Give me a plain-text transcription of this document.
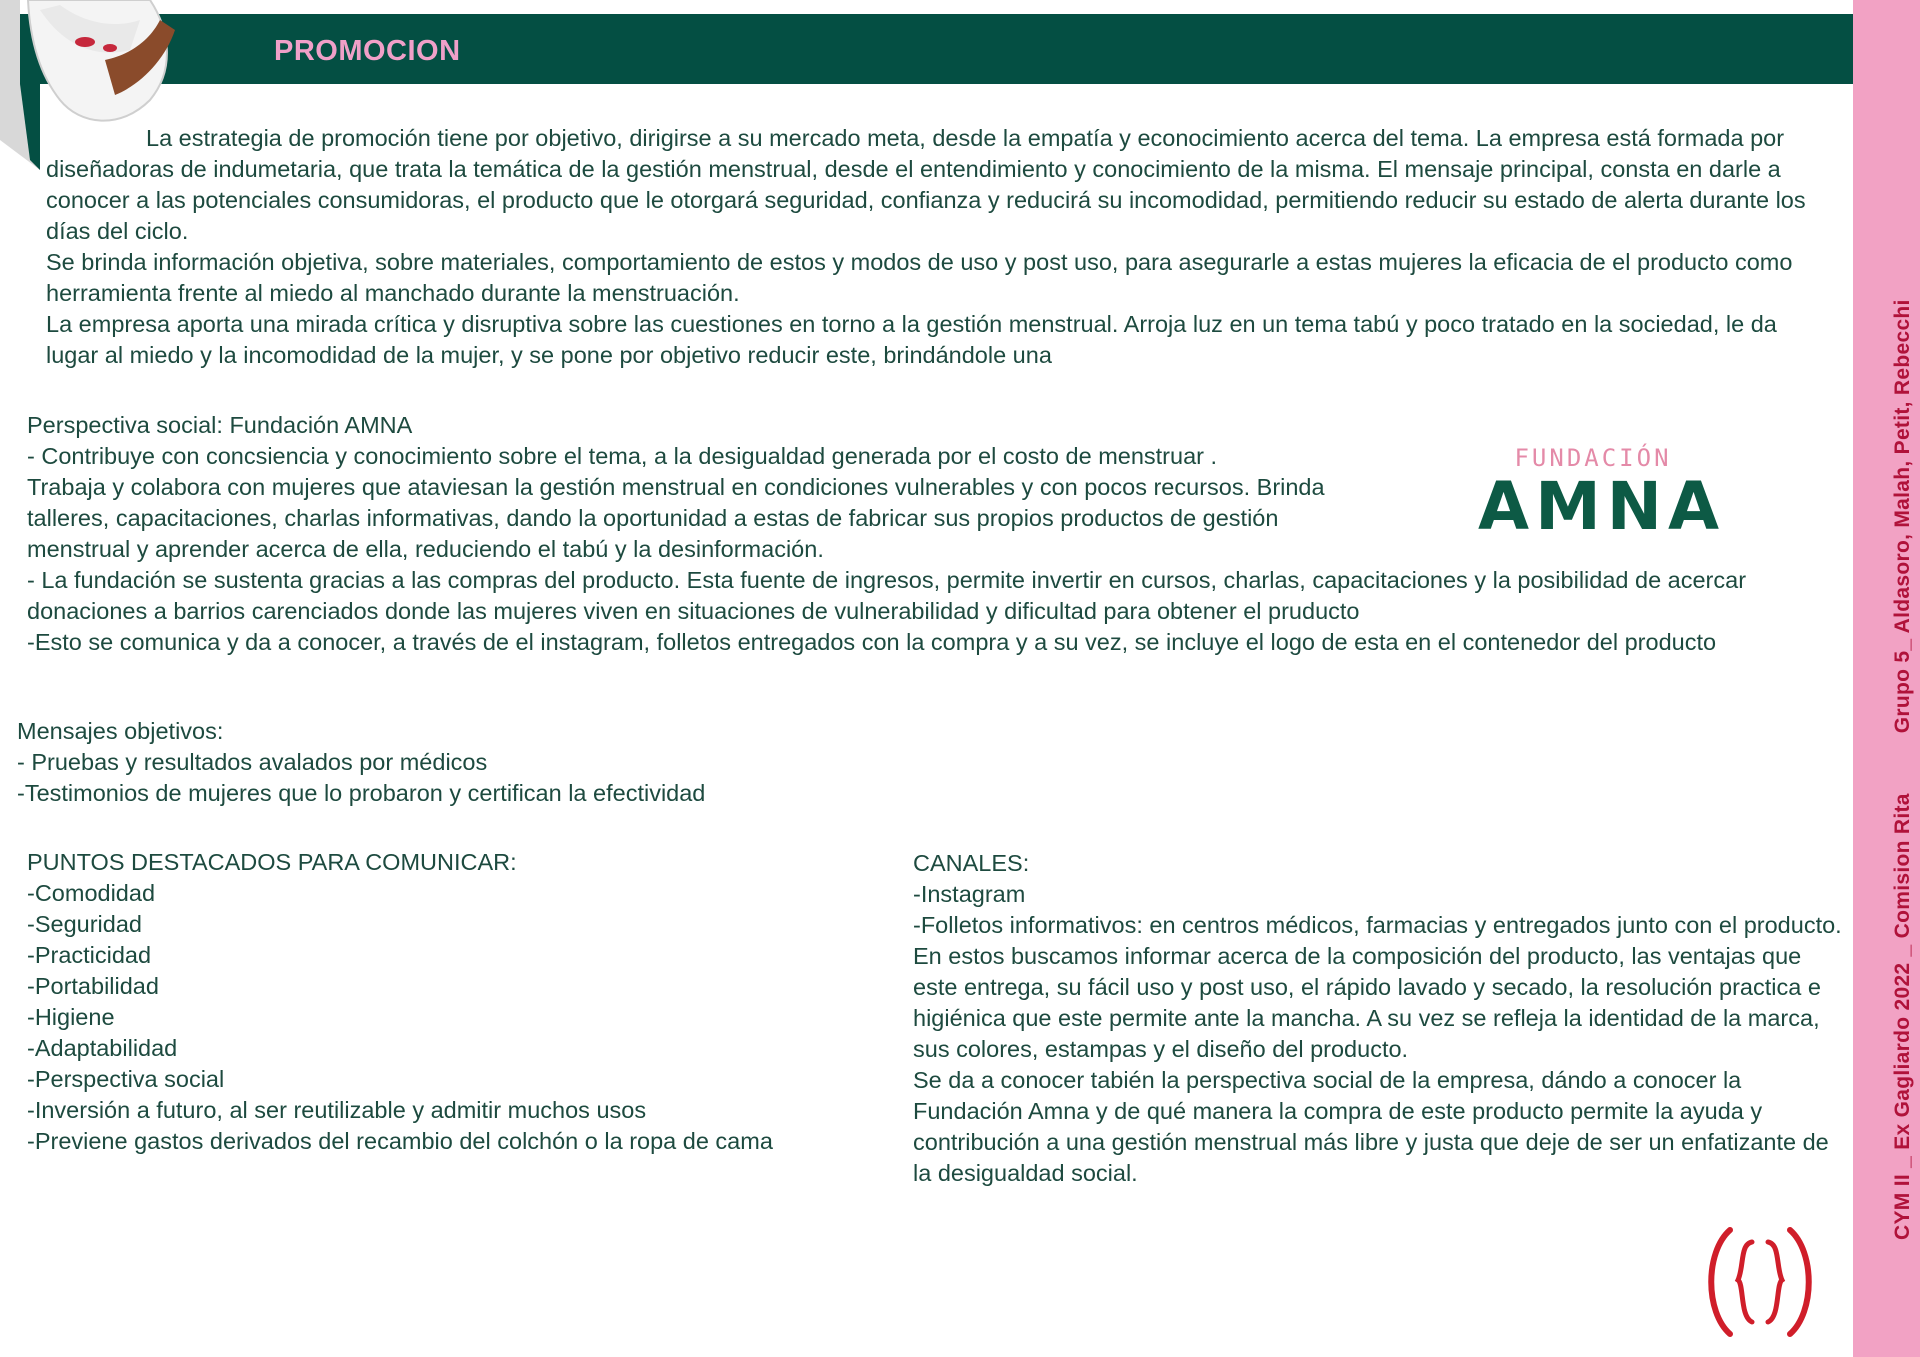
PROMOCION
CYM II _ Ex Gagliardo 2022 _ Comision RitaGrupo 5_ Aldasoro, Malah, Petit, Rebecchi

La estrategia de promoción tiene por objetivo, dirigirse a su mercado meta, desde la empatía y econocimiento acerca del tema. La empresa está formada por diseñadoras de indumetaria, que trata la temática de la gestión menstrual, desde el entendimiento y conocimiento de la misma. El mensaje principal, consta en darle a conocer a las potenciales consumidoras, el producto que le otorgará seguridad, confianza y reducirá su incomodidad, permitiendo reducir su estado de alerta durante los días del ciclo.

Se brinda información objetiva, sobre materiales, comportamiento de estos y modos de uso y post uso, para asegurarle a estas mujeres la eficacia de el producto como herramienta frente al miedo al manchado durante la menstruación.

La empresa aporta una mirada crítica y disruptiva sobre las cuestiones en torno a la gestión menstrual. Arroja luz en un tema tabú y poco tratado en la sociedad, le da lugar al miedo y la incomodidad de la mujer, y se pone por objetivo reducir este, brindándole una

Perspectiva social: Fundación AMNA

- Contribuye con concsiencia y conocimiento sobre el tema, a la desigualdad generada por el costo de menstruar .

Trabaja y colabora con mujeres que ataviesan la gestión menstrual en condiciones vulnerables y con pocos recursos. Brinda talleres, capacitaciones, charlas informativas, dando la oportunidad a estas de fabricar sus propios productos de gestión menstrual y aprender acerca de ella, reduciendo el tabú y la desinformación.

- La fundación se sustenta gracias a las compras del producto. Esta fuente de ingresos, permite invertir en cursos, charlas, capacitaciones y la posibilidad de acercar donaciones a barrios carenciados donde las mujeres viven en situaciones de vulnerabilidad y dificultad para obtener el pruducto

-Esto se comunica y da a conocer, a través de el instagram, folletos entregados con la compra y a su vez, se incluye el logo de esta en el contenedor del producto

FUNDACIÓN
AMNA

Mensajes objetivos:

- Pruebas y resultados avalados por médicos

-Testimonios de mujeres que lo probaron y certifican la efectividad

PUNTOS DESTACADOS PARA COMUNICAR:

-Comodidad

-Seguridad

-Practicidad

-Portabilidad

-Higiene

-Adaptabilidad

-Perspectiva social

-Inversión a futuro, al ser reutilizable y admitir muchos usos

-Previene gastos derivados del recambio del colchón o la ropa de cama

CANALES:

-Instagram

-Folletos informativos: en centros médicos, farmacias y entregados junto con el producto.

En estos buscamos informar acerca de la composición del producto, las ventajas que este entrega, su fácil uso y post uso, el rápido lavado y secado, la resolución practica e higiénica que este permite ante la mancha. A su vez se refleja la identidad de la marca, sus colores, estampas y el diseño del producto.

Se da a conocer tabién la perspectiva social de la empresa, dándo a conocer la Fundación Amna y de qué manera la compra de este producto permite la ayuda y contribución a una gestión menstrual más libre y justa que deje de ser un enfatizante de la desigualdad social.
